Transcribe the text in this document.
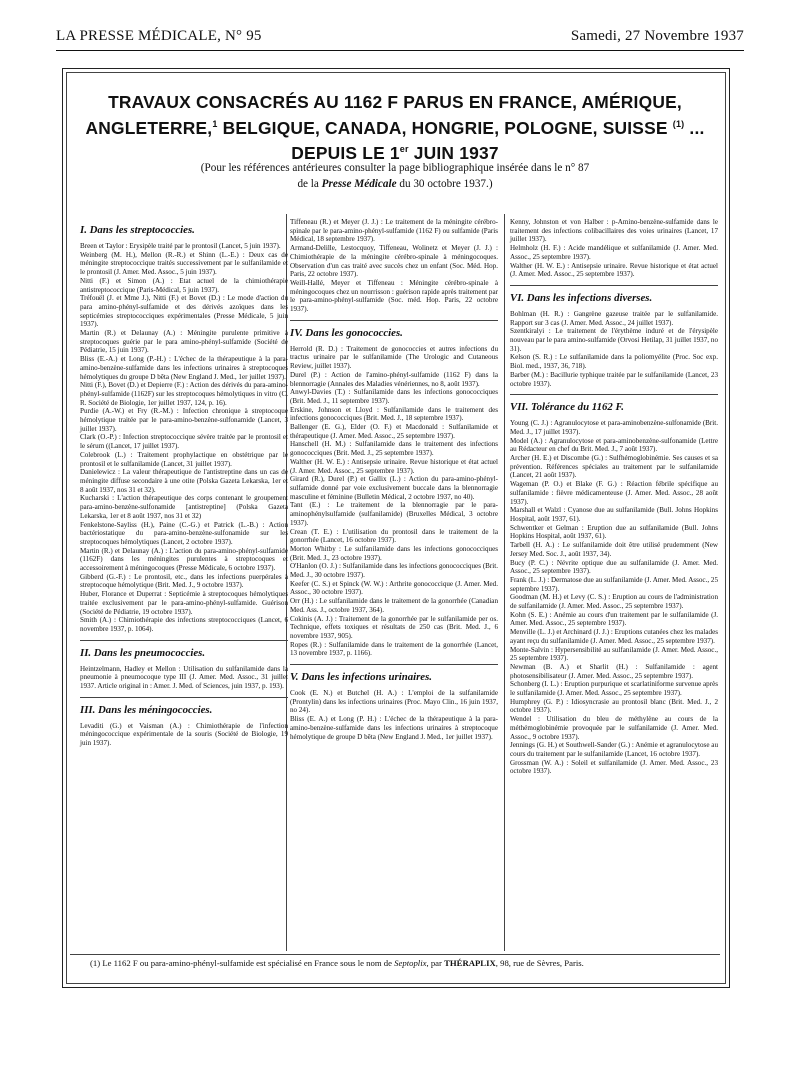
LA PRESSE MÉDICALE, N° 95	Samedi, 27 Novembre 1937
TRAVAUX CONSACRÉS AU 1162 F PARUS EN FRANCE, AMÉRIQUE,
ANGLETERRE,$^1$ BELGIQUE, CANADA, HONGRIE, POLOGNE, SUISSE $^{(1)}$ ...
DEPUIS LE 1er JUIN 1937
(Pour les références antérieures consulter la page bibliographique insérée dans le n° 87
de la Presse Médicale du 30 octobre 1937.)
I. Dans les streptococcies.

Breen et Taylor : Erysipèle traité par le prontosil (Lancet, 5 juin 1937).

Weinberg (M. H.), Mellon (R.-R.) et Shinn (L.-E.) : Deux cas de méningite streptococcique traités successivement par le sulfanilamide et le prontosil (J. Amer. Med. Assoc., 5 juin 1937).

Nitti (F.) et Simon (A.) : Etat actuel de la chimiothérapie antistreptococcique (Paris-Médical, 5 juin 1937).

Tréfouël (J. et Mme J.), Nitti (F.) et Bovet (D.) : Le mode d'action du para amino-phényl-sulfamide et des dérivés azoïques dans les septicémies streptococciques expérimentales (Presse Médicale, 5 juin 1937).

Martin (R.) et Delaunay (A.) : Méningite purulente primitive à streptocoques guérie par le para amino-phényl-sulfamide (Société de Pédiatrie, 15 juin 1937).

Bliss (E.-A.) et Long (P.-H.) : L'échec de la thérapeutique à la para-amino-benzène-sulfamide dans les infections urinaires à streptocoques hémolytiques du groupe D bêta (New England J. Med., 1er juillet 1937).

Nitti (F.), Bovet (D.) et Depierre (F.) : Action des dérivés du para-amino-phényl-sulfamide (1162F) sur les streptocoques hémolytiques in vitro (C. R. Société de Biologie, 1er juillet 1937, 124, p. 16).

Purdie (A.-W.) et Fry (R.-M.) : Infection chronique à streptocoque hémolytique traitée par le para-amino-benzène-sulfonamide (Lancet, 3 juillet 1937).

Clark (O.-P.) : Infection streptococcique sévère traitée par le prontosil et le sérum ((Lancet, 17 juillet 1937).

Colebrook (L.) : Traitement prophylactique en obstétrique par le prontosil et le sulfanilamide (Lancet, 31 juillet 1937).

Danielewicz : La valeur thérapeutique de l'antistreptine dans un cas de méningite diffuse secondaire à une otite (Polska Gazeta Lekarska, 1er et 8 août 1937, nos 31 et 32).

Kucharski : L'action thérapeutique des corps contenant le groupement para-amino-benzène-sulfonamide [antistreptine] (Polska Gazeta Lekarska, 1er et 8 août 1937, nos 31 et 32)

Fenkelstone-Sayliss (H.), Paine (C.-G.) et Patrick (L.-B.) : Action bactériostatique du para-amino-benzène-sulfonamide sur les streptocoques hémolytiques (Lancet, 2 octobre 1937).

Martin (R.) et Delaunay (A.) : L'action du para-amino-phényl-sulfamide (1162F) dans les méningites purulentes à streptocoques et accessoirement à méningocoques (Presse Médicale, 6 octobre 1937).

Gibberd (G.-F.) : Le prontosil, etc., dans les infections puerpérales à streptocoque hémolytique (Brit. Med. J., 9 octobre 1937).

Huber, Florance et Duperrat : Septicémie à streptocoques hémolytiques traitée exclusivement par le para-amino-phényl-sulfamide. Guérison (Société de Pédiatrie, 19 octobre 1937).

Smith (A.) : Chimiothérapie des infections streptococciques (Lancet, 6 novembre 1937, p. 1064).

II. Dans les pneumococcies.

Heintzelmann, Hadley et Mellon : Utilisation du sulfanilamide dans la pneumonie à pneumocoque type III (J. Amer. Med. Assoc., 31 juillet 1937. Article original in : Amer. J. Med. of Sciences, juin 1937, p. 193).

III. Dans les méningococcies.

Levaditi (G.) et Vaisman (A.) : Chimiothérapie de l'infection méningococcique expérimentale de la souris (Société de Biologie, 19 juin 1937).

Tiffeneau (R.) et Meyer (J. J.) : Le traitement de la méningite cérébro-spinale par le para-amino-phényl-sulfamide (1162 F) ou sulfamide (Paris Médical, 18 septembre 1937).

Armand-Delille, Lestocquoy, Tiffeneau, Wolinetz et Meyer (J. J.) : Chimiothérapie de la méningite cérébro-spinale à méningocoques. Observation d'un cas traité avec succès chez un enfant (Soc. Méd. Hop. Paris, 22 octobre 1937).

Weill-Hallé, Meyer et Tiffeneau : Méningite cérébro-spinale à méningocoques chez un nourrisson : guérison rapide après traitement par le para-amino-phényl-sulfamide (Soc. méd. Hop. Paris, 22 octobre 1937).

IV. Dans les gonococcies.

Herrold (R. D.) : Traitement de gonococcies et autres infections du tractus urinaire par le sulfanilamide (The Urologic and Cutaneous Review, juillet 1937).

Durel (P.) : Action de l'amino-phényl-sulfamide (1162 F) dans la blennorragie (Annales des Maladies vénériennes, no 8, août 1937).

Anwyl-Davies (T.) : Sulfanilamide dans les infections gonococciques (Brit. Med. J., 11 septembre 1937).

Erskine, Johnson et Lloyd : Sulfanilamide dans le traitement des infections gonococciques (Brit. Med. J., 18 septembre 1937).

Ballenger (E. G.), Elder (O. F.) et Macdonald : Sulfanilamide et thérapeutique (J. Amer. Med. Assoc., 25 septembre 1937).

Hanschell (H. M.) : Sulfanilamide dans le traitement des infections gonococciques (Brit. Med. J., 25 septembre 1937).

Walther (H. W. E.) : Antisepsie urinaire. Revue historique et état actuel (J. Amer. Med. Assoc., 25 septembre 1937).

Girard (R.), Durel (P.) et Gallix (L.) : Action du para-amino-phényl-sulfamide donné par voie exclusivement buccale dans la blennorragie masculine et féminine (Bulletin Médical, 2 octobre 1937, no 40).

Tant (E.) : Le traitement de la blennorragie par le para-aminophénylsulfamide (sulfanilamide) (Bruxelles Médical, 3 octobre 1937).

Crean (T. E.) : L'utilisation du prontosil dans le traitement de la gonorrhée (Lancet, 16 octobre 1937).

Morton Whitby : Le sulfanilamide dans les infections gonococciques (Brit. Med. J., 23 octobre 1937).

O'Hanlon (O. J.) : Sulfanilamide dans les infections gonococciques (Brit. Med. J., 30 octobre 1937).

Keefer (C. S.) et Spinck (W. W.) : Arthrite gonococcique (J. Amer. Med. Assoc., 30 octobre 1937).

Orr (H.) : Le sulfanilamide dans le traitement de la gonorrhée (Canadian Med. Ass. J., octobre 1937, 364).

Cokinis (A. J.) : Traitement de la gonorrhée par le sulfanilamide per os. Technique, effets toxiques et résultats de 250 cas (Brit. Med. J., 6 novembre 1937, 905).

Ropes (R.) : Sulfanilamide dans le traitement de la gonorrhée (Lancet, 13 novembre 1937, p. 1166).

V. Dans les infections urinaires.

Cook (E. N.) et Butchel (H. A.) : L'emploi de la sulfanilamide (Prontylin) dans les infections urinaires (Proc. Mayo Clin., 16 juin 1937, no 24).

Bliss (E. A.) et Long (P. H.) : L'échec de la thérapeutique à la para-amino-benzène-sulfamide dans les infections urinaires à streptocoque hémolytique de groupe D bêta (New England J. Med., 1er juillet 1937).

Kenny, Johnston et von Halber : p-Amino-benzène-sulfamide dans le traitement des infections colibacillaires des voies urinaires (Lancet, 17 juillet 1937).

Helmholz (H. F.) : Acide mandélique et sulfanilamide (J. Amer. Med. Assoc., 25 septembre 1937).

Walther (H. W. E.) : Antisepsie urinaire. Revue historique et état actuel (J. Amer. Med. Assoc., 25 septembre 1937).

VI. Dans les infections diverses.

Bohlman (H. R.) : Gangrène gazeuse traitée par le sulfanilamide. Rapport sur 3 cas (J. Amer. Med. Assoc., 24 juillet 1937).

Szentkiralyi : Le traitement de l'érythème induré et de l'érysipèle nouveau par le para amino-sulfamide (Orvosi Hetilap, 31 juillet 1937, no 31).

Kelson (S. R.) : Le sulfanilamide dans la poliomyélite (Proc. Soc exp. Biol. med., 1937, 36, 718).

Barber (M.) : Bacillurie typhique traitée par le sulfanilamide (Lancet, 23 octobre 1937).

VII. Tolérance du 1162 F.

Young (C. J.) : Agranulocytose et para-aminobenzène-sulfonamide (Brit. Med. J., 17 juillet 1937).

Model (A.) : Agranulocytose et para-aminobenzène-sulfonamide (Lettre au Rédacteur en chef du Brit. Med. J., 7 août 1937).

Archer (H. E.) et Discombe (G.) : Sulfhémoglobinémie. Ses causes et sa prévention. Références spéciales au traitement par le sulfanilamide (Lancet, 21 août 1937).

Wageman (P. O.) et Blake (F. G.) : Réaction fébrile spécifique au sulfanilamide : fièvre médicamenteuse (J. Amer. Med. Assoc., 28 août 1937).

Marshall et Walzl : Cyanose due au sulfanilamide (Bull. Johns Hopkins Hospital, août 1937, 61).

Schwentker et Gelman : Eruption due au sulfanilamide (Bull. Johns Hopkins Hospital, août 1937, 61).

Tarbell (H. A.) : Le sulfanilamide doit être utilisé prudemment (New Jersey Med. Soc. J., août 1937, 34).

Bucy (P. C.) : Névrite optique due au sulfanilamide (J. Amer. Med. Assoc., 25 septembre 1937).

Frank (L. J.) : Dermatose due au sulfanilamide (J. Amer. Med. Assoc., 25 septembre 1937).

Goodman (M. H.) et Levy (C. S.) : Eruption au cours de l'administration de sulfanilamide (J. Amer. Med. Assoc., 25 septembre 1937).

Kohn (S. E.) : Anémie au cours d'un traitement par le sulfanilamide (J. Amer. Med. Assoc., 25 septembre 1937).

Menville (L. J.) et Archinard (J. J.) : Eruptions cutanées chez les malades ayant reçu du sulfanilamide (J. Amer. Med. Assoc., 25 septembre 1937).

Monte-Salvin : Hypersensibilité au sulfanilamide (J. Amer. Med. Assoc., 25 septembre 1937).

Newman (B. A.) et Sharlit (H.) : Sulfanilamide : agent photosensibilisateur (J. Amer. Med. Assoc., 25 septembre 1937).

Schonberg (I. L.) : Eruption purpurique et scarlatiniforme survenue après le sulfanilamide (J. Amer. Med. Assoc., 25 septembre 1937).

Humphrey (G. P.) : Idiosyncrasie au prontosil blanc (Brit. Med. J., 2 octobre 1937).

Wendel : Utilisation du bleu de méthylène au cours de la méthémoglobinémie provoquée par le sulfanilamide (J. Amer. Med. Assoc., 9 octobre 1937).

Jennings (G. H.) et Southwell-Sander (G.) : Anémie et agranulocytose au cours du traitement par le sulfanilamide (Lancet, 16 octobre 1937).

Grossman (W. A.) : Soleil et sulfanilamide (J. Amer. Med. Assoc., 23 octobre 1937).

(1) Le 1162 F ou para-amino-phényl-sulfamide est spécialisé en France sous le nom de Septoplix, par THÉRAPLIX, 98, rue de Sèvres, Paris.
